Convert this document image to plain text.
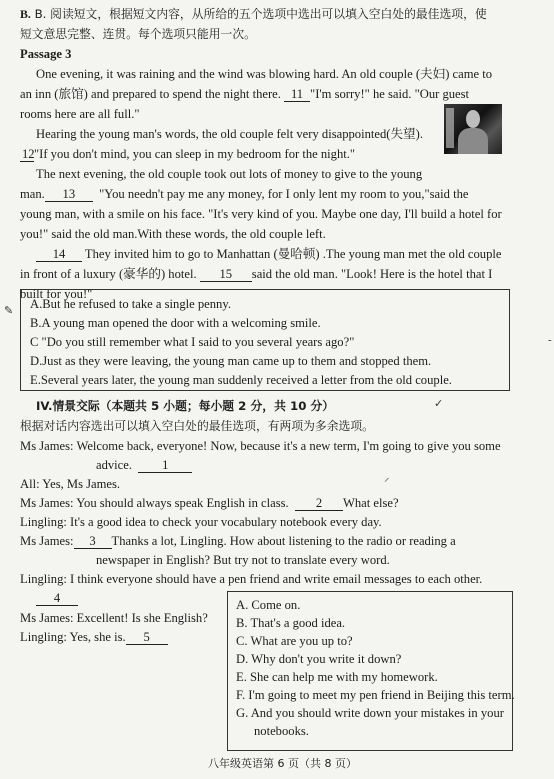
B. B. 阅读短文，根据短文内容，从所给的五个选项中选出可以填入空白处的最佳选项，使
短文意思完整、连贯。每个选项只能用一次。
Passage 3
One evening, it was raining and the wind was blowing hard. An old couple (夫妇) came to
an inn (旅馆) and prepared to spend the night there. 11 "I'm sorry!" he said. "Our guest
rooms here are all full."
Hearing the young man's words, the old couple felt very disappointed(失望).
12"If you don't mind, you can sleep in my bedroom for the night."
The next evening, the old couple took out lots of money to give to the young
man. 13 "You needn't pay me any money, for I only lent my room to you,"said the
young man, with a smile on his face. "It's very kind of you. Maybe one day, I'll build a hotel for
you!" said the old man.With these words, the old couple left.
14 They invited him to go to Manhattan (曼哈顿) .The young man met the old couple
in front of a luxury (豪华的) hotel. 15 said the old man. "Look! Here is the hotel that I
built for you!"
✎ A.But he refused to take a single penny.
B.A young man opened the door with a welcoming smile.
C "Do you still remember what I said to you several years ago?"
D.Just as they were leaving, the young man came up to them and stopped them.
E.Several years later, the young man suddenly received a letter from the old couple.
IV.情景交际（本题共 5 小题；每小题 2 分，共 10 分）	✓
根据对话内容选出可以填入空白处的最佳选项，有两项为多余选项。
Ms James: Welcome back, everyone! Now, because it's a new term, I'm going to give you some
advice. 1
All: Yes, Ms James.	⸝
Ms James: You should always speak English in class. 2 What else?
Lingling: It's a good idea to check your vocabulary notebook every day.
Ms James: 3 Thanks a lot, Lingling. How about listening to the radio or reading a
newspaper in English? But try not to translate every word.
Lingling: I think everyone should have a pen friend and write email messages to each other.
4
Ms James: Excellent! Is she English?
Lingling: Yes, she is. 5
A. Come on.
B. That's a good idea.
C. What are you up to?
D. Why don't you write it down?
E. She can help me with my homework.
F. I'm going to meet my pen friend in Beijing this term.
G. And you should write down your mistakes in your
notebooks.
八年级英语第 6 页（共 8 页）
-
